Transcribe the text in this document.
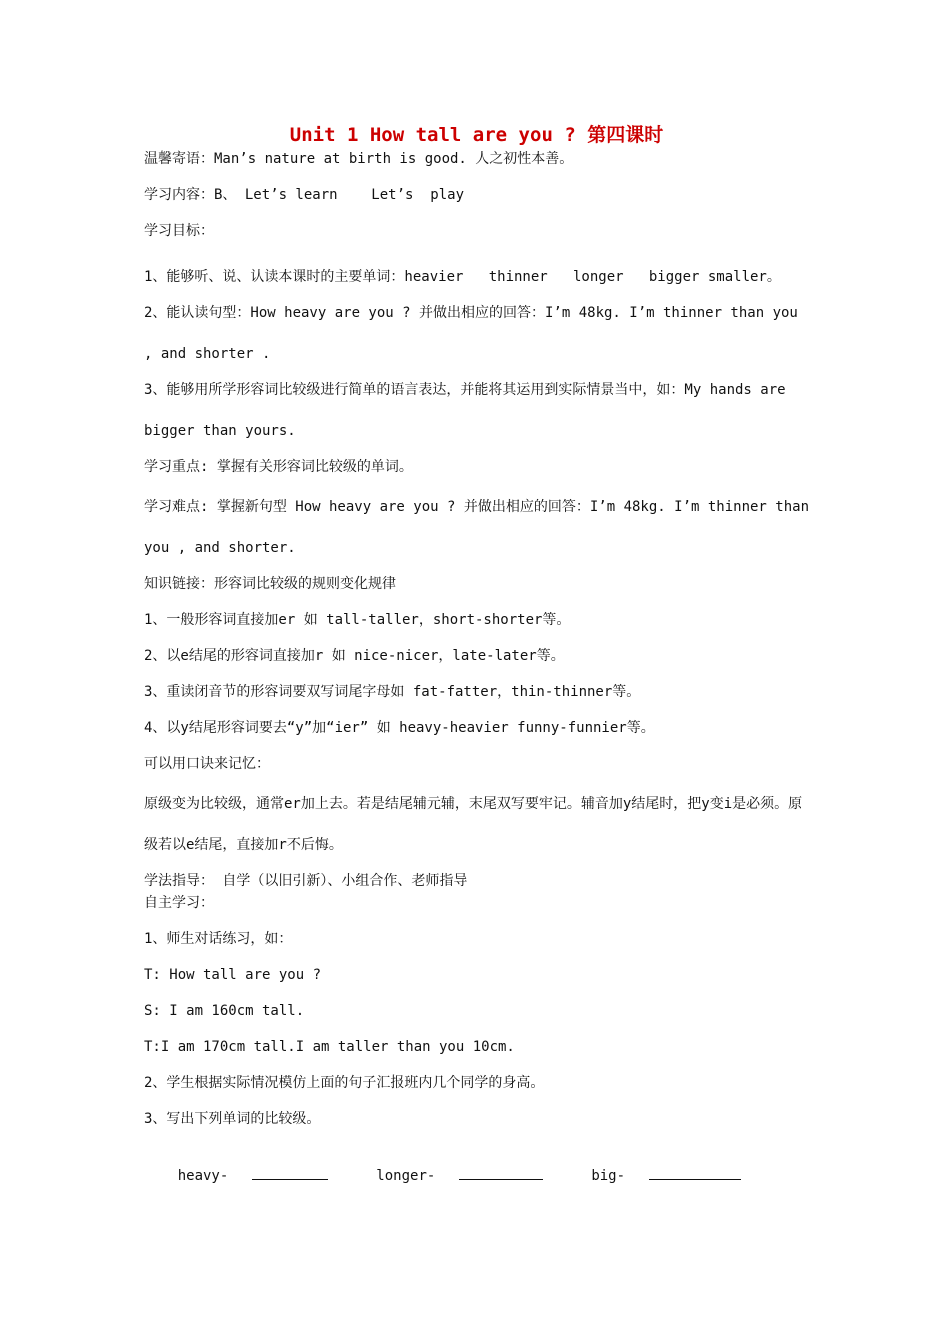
Unit 1 How tall are you ? 第四课时
温馨寄语：Man’s nature at birth is good. 人之初性本善。
学习内容：B、 Let’s learn    Let’s  play
学习目标：
1、能够听、说、认读本课时的主要单词：heavier   thinner   longer   bigger smaller。
2、能认读句型：How heavy are you ? 并做出相应的回答：I’m 48kg. I’m thinner than you , and shorter .
3、能够用所学形容词比较级进行简单的语言表达，并能将其运用到实际情景当中，如：My hands are bigger than yours.
学习重点: 掌握有关形容词比较级的单词。
学习难点: 掌握新句型 How heavy are you ? 并做出相应的回答：I’m 48kg. I’m thinner than you , and shorter.
知识链接：形容词比较级的规则变化规律
1、一般形容词直接加er 如 tall-taller，short-shorter等。
2、以e结尾的形容词直接加r 如 nice-nicer，late-later等。
3、重读闭音节的形容词要双写词尾字母如 fat-fatter，thin-thinner等。
4、以y结尾形容词要去“y”加“ier” 如 heavy-heavier funny-funnier等。
可以用口诀来记忆：
原级变为比较级，通常er加上去。若是结尾辅元辅，末尾双写要牢记。辅音加y结尾时，把y变i是必须。原级若以e结尾，直接加r不后悔。
学法指导： 自学（以旧引新）、小组合作、老师指导
自主学习：
1、师生对话练习，如：
T: How tall are you ?
S: I am 160cm tall.
T:I am 170cm tall.I am taller than you 10cm.
2、学生根据实际情况模仿上面的句子汇报班内几个同学的身高。
3、写出下列单词的比较级。

heavy-	longer-	big-
